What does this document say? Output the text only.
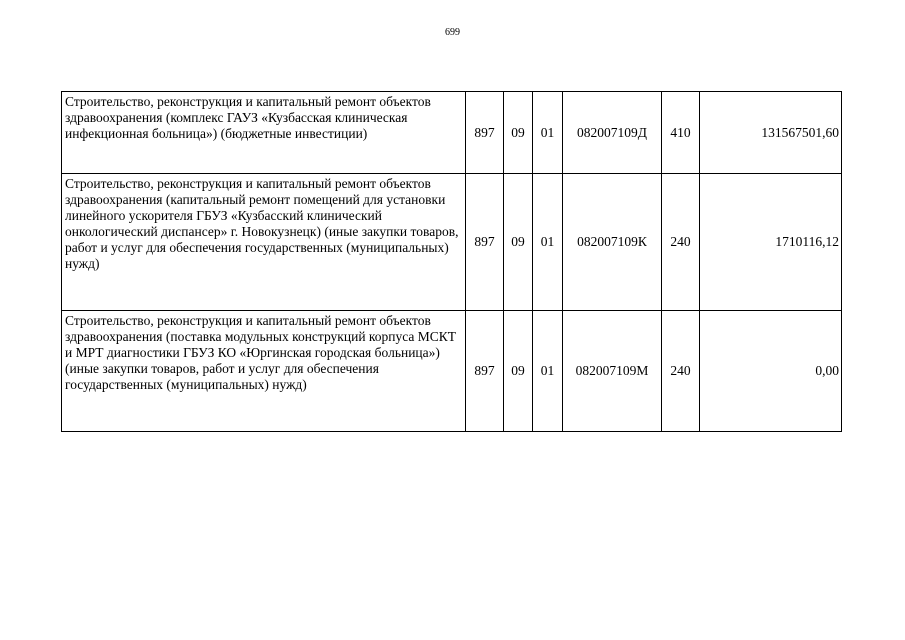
699
Строительство, реконструкция и капитальный ремонт объектов здравоохранения (комплекс ГАУЗ «Кузбасская клиническая инфекционная больница») (бюджетные инвестиции)	897	09	01	082007109Д	410	131567501,60
Строительство, реконструкция и капитальный ремонт объектов здравоохранения (капитальный ремонт помещений для установки линейного ускорителя ГБУЗ «Кузбасский клинический онкологический диспансер» г. Новокузнецк) (иные закупки товаров, работ и услуг для обеспечения государственных (муниципальных) нужд)	897	09	01	082007109К	240	1710116,12
Строительство, реконструкция и капитальный ремонт объектов здравоохранения (поставка модульных конструкций корпуса МСКТ и МРТ диагностики ГБУЗ КО «Юргинская городская больница») (иные закупки товаров, работ и услуг для обеспечения государственных (муниципальных) нужд)	897	09	01	082007109М	240	0,00
